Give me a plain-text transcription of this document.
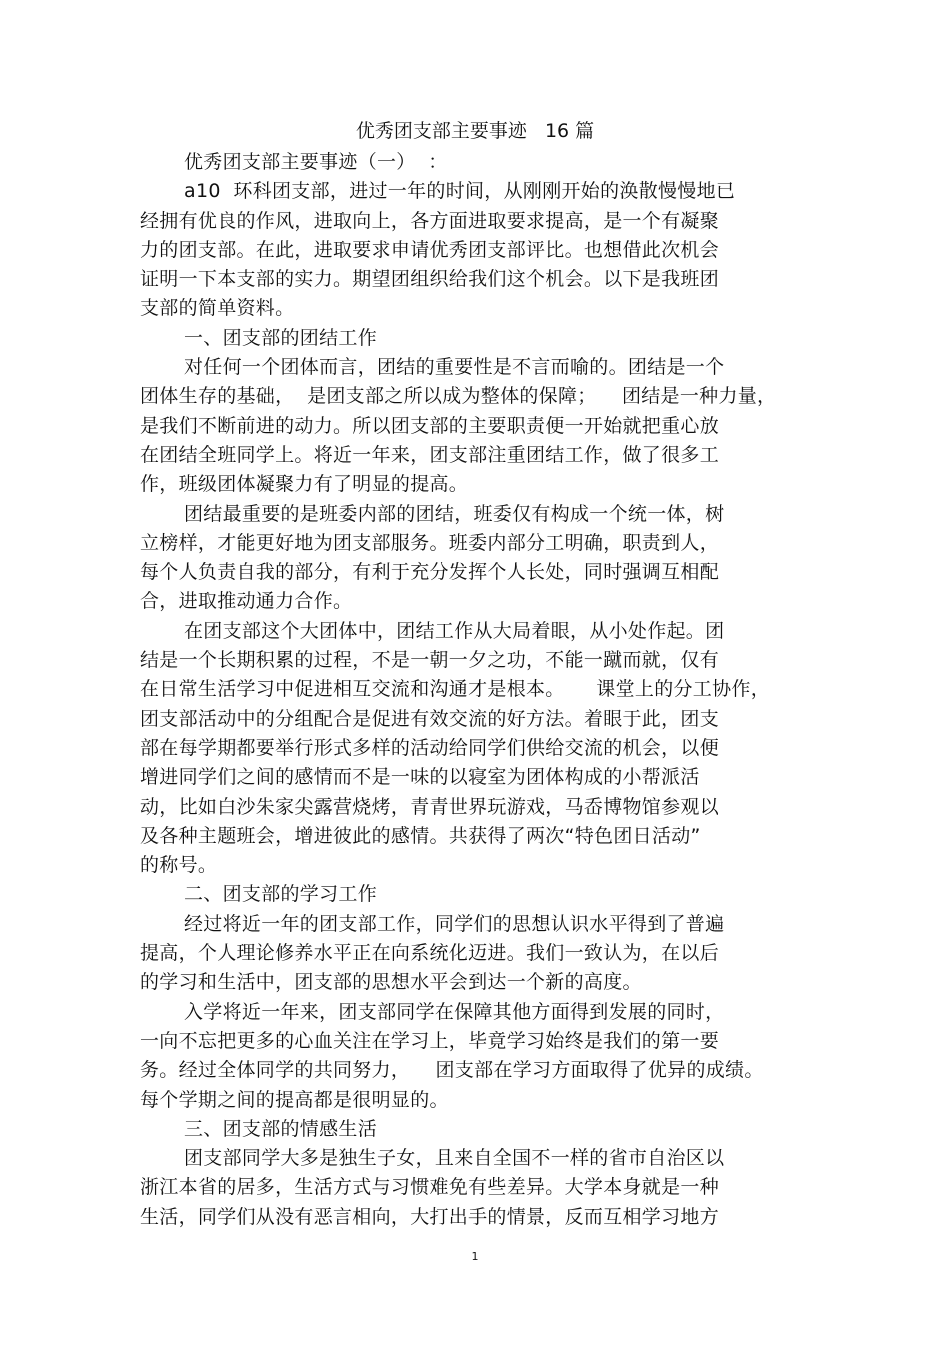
优秀团支部主要事迹   16 篇
优秀团支部主要事迹（一）  ：
a10  环科团支部，进过一年的时间，从刚刚开始的涣散慢慢地已
经拥有优良的作风，进取向上，各方面进取要求提高，是一个有凝聚
力的团支部。在此，进取要求申请优秀团支部评比。也想借此次机会
证明一下本支部的实力。期望团组织给我们这个机会。以下是我班团
支部的简单资料。
一、团支部的团结工作
对任何一个团体而言，团结的重要性是不言而喻的。团结是一个
团体生存的基础，  是团支部之所以成为整体的保障；    团结是一种力量，
是我们不断前进的动力。所以团支部的主要职责便一开始就把重心放
在团结全班同学上。将近一年来，团支部注重团结工作，做了很多工
作，班级团体凝聚力有了明显的提高。
团结最重要的是班委内部的团结，班委仅有构成一个统一体，树
立榜样，才能更好地为团支部服务。班委内部分工明确，职责到人，
每个人负责自我的部分，有利于充分发挥个人长处，同时强调互相配
合，进取推动通力合作。
在团支部这个大团体中，团结工作从大局着眼，从小处作起。团
结是一个长期积累的过程，不是一朝一夕之功，不能一蹴而就，仅有
在日常生活学习中促进相互交流和沟通才是根本。     课堂上的分工协作，
团支部活动中的分组配合是促进有效交流的好方法。着眼于此，团支
部在每学期都要举行形式多样的活动给同学们供给交流的机会，以便
增进同学们之间的感情而不是一味的以寝室为团体构成的小帮派活
动，比如白沙朱家尖露营烧烤，青青世界玩游戏，马岙博物馆参观以
及各种主题班会，增进彼此的感情。共获得了两次“特色团日活动”
的称号。
二、团支部的学习工作
经过将近一年的团支部工作，同学们的思想认识水平得到了普遍
提高，个人理论修养水平正在向系统化迈进。我们一致认为，在以后
的学习和生活中，团支部的思想水平会到达一个新的高度。
入学将近一年来，团支部同学在保障其他方面得到发展的同时，
一向不忘把更多的心血关注在学习上，毕竟学习始终是我们的第一要
务。经过全体同学的共同努力，    团支部在学习方面取得了优异的成绩。
每个学期之间的提高都是很明显的。
三、团支部的情感生活
团支部同学大多是独生子女，且来自全国不一样的省市自治区以
浙江本省的居多，生活方式与习惯难免有些差异。大学本身就是一种
生活，同学们从没有恶言相向，大打出手的情景，反而互相学习地方
1
